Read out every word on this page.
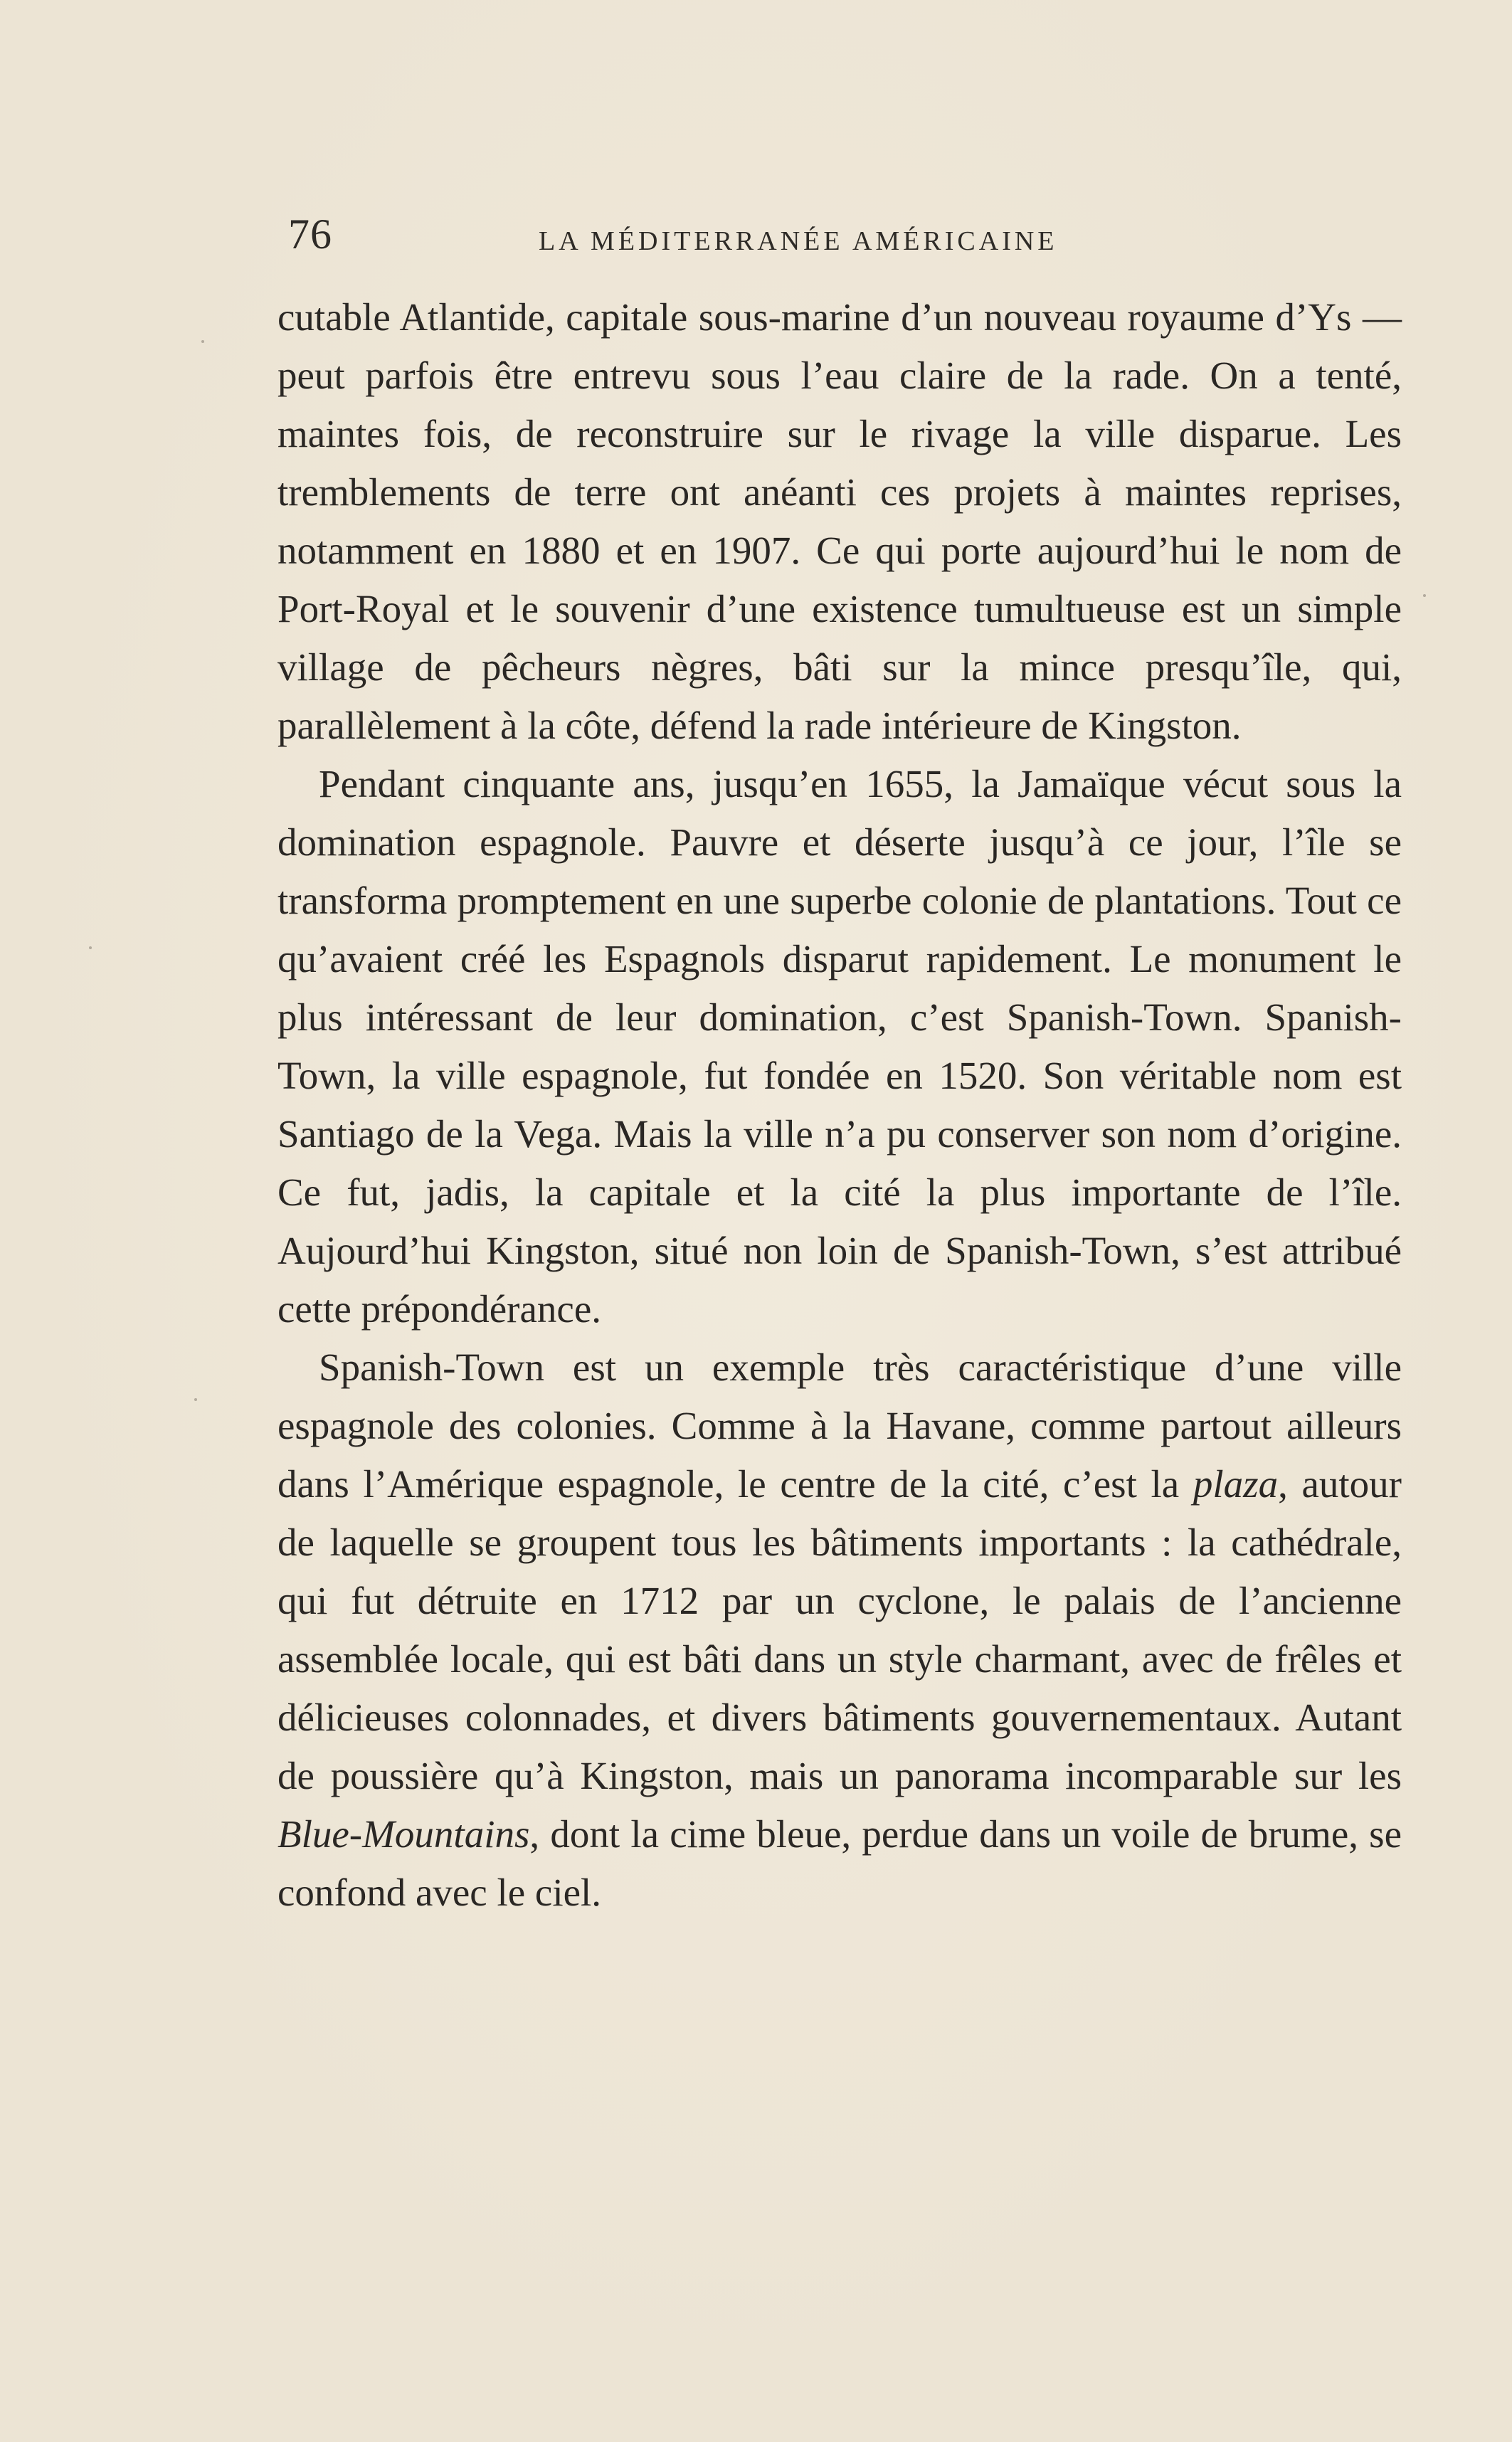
76	LA MÉDITERRANÉE AMÉRICAINE

cutable Atlantide, capitale sous-marine d’un nouveau royaume d’Ys — peut parfois être entrevu sous l’eau claire de la rade. On a tenté, maintes fois, de reconstruire sur le rivage la ville disparue. Les tremblements de terre ont anéanti ces projets à maintes reprises, notamment en 1880 et en 1907. Ce qui porte aujourd’hui le nom de Port-Royal et le souvenir d’une existence tumultueuse est un simple village de pêcheurs nègres, bâti sur la mince presqu’île, qui, parallèlement à la côte, défend la rade intérieure de Kingston.

Pendant cinquante ans, jusqu’en 1655, la Jamaïque vécut sous la domination espagnole. Pauvre et déserte jusqu’à ce jour, l’île se transforma promptement en une superbe colonie de plantations. Tout ce qu’avaient créé les Espagnols disparut rapidement. Le monument le plus intéressant de leur domination, c’est Spanish-Town. Spanish-Town, la ville espagnole, fut fondée en 1520. Son véritable nom est Santiago de la Vega. Mais la ville n’a pu conserver son nom d’origine. Ce fut, jadis, la capitale et la cité la plus importante de l’île. Aujourd’hui Kingston, situé non loin de Spanish-Town, s’est attribué cette prépondérance.

Spanish-Town est un exemple très caractéristique d’une ville espagnole des colonies. Comme à la Havane, comme partout ailleurs dans l’Amérique espagnole, le centre de la cité, c’est la plaza, autour de laquelle se groupent tous les bâtiments importants : la cathédrale, qui fut détruite en 1712 par un cyclone, le palais de l’ancienne assemblée locale, qui est bâti dans un style charmant, avec de frêles et délicieuses colonnades, et divers bâtiments gouvernementaux. Autant de poussière qu’à Kingston, mais un panorama incomparable sur les Blue-Mountains, dont la cime bleue, perdue dans un voile de brume, se confond avec le ciel.
